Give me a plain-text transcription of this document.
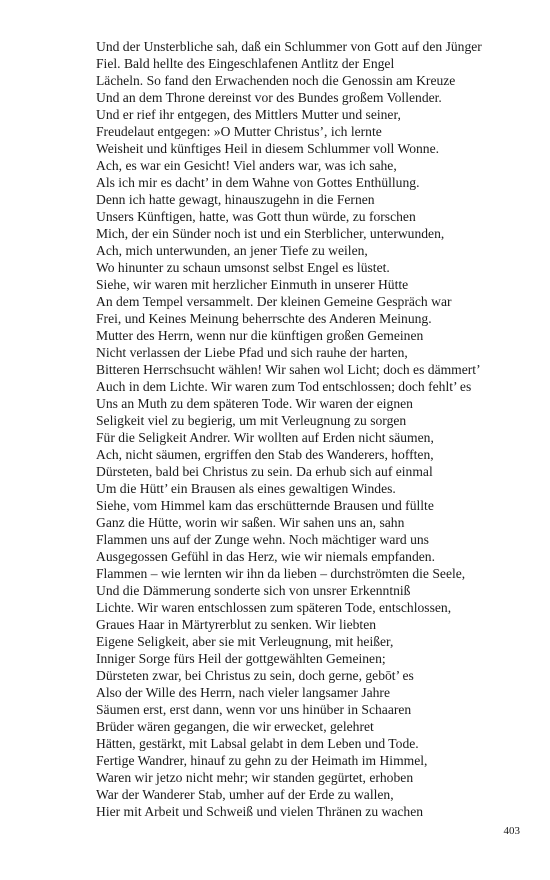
Und der Unsterbliche sah, daß ein Schlummer von Gott auf den Jünger
Fiel. Bald hellte des Eingeschlafenen Antlitz der Engel
Lächeln. So fand den Erwachenden noch die Genossin am Kreuze
Und an dem Throne dereinst vor des Bundes großem Vollender.
Und er rief ihr entgegen, des Mittlers Mutter und seiner,
Freudelaut entgegen: »O Mutter Christus’, ich lernte
Weisheit und künftiges Heil in diesem Schlummer voll Wonne.
Ach, es war ein Gesicht! Viel anders war, was ich sahe,
Als ich mir es dacht’ in dem Wahne von Gottes Enthüllung.
Denn ich hatte gewagt, hinauszugehn in die Fernen
Unsers Künftigen, hatte, was Gott thun würde, zu forschen
Mich, der ein Sünder noch ist und ein Sterblicher, unterwunden,
Ach, mich unterwunden, an jener Tiefe zu weilen,
Wo hinunter zu schaun umsonst selbst Engel es lüstet.
Siehe, wir waren mit herzlicher Einmuth in unserer Hütte
An dem Tempel versammelt. Der kleinen Gemeine Gespräch war
Frei, und Keines Meinung beherrschte des Anderen Meinung.
Mutter des Herrn, wenn nur die künftigen großen Gemeinen
Nicht verlassen der Liebe Pfad und sich rauhe der harten,
Bitteren Herrschsucht wählen! Wir sahen wol Licht; doch es dämmert’
Auch in dem Lichte. Wir waren zum Tod entschlossen; doch fehlt’ es
Uns an Muth zu dem späteren Tode. Wir waren der eignen
Seligkeit viel zu begierig, um mit Verleugnung zu sorgen
Für die Seligkeit Andrer. Wir wollten auf Erden nicht säumen,
Ach, nicht säumen, ergriffen den Stab des Wanderers, hofften,
Dürsteten, bald bei Christus zu sein. Da erhub sich auf einmal
Um die Hütt’ ein Brausen als eines gewaltigen Windes.
Siehe, vom Himmel kam das erschütternde Brausen und füllte
Ganz die Hütte, worin wir saßen. Wir sahen uns an, sahn
Flammen uns auf der Zunge wehn. Noch mächtiger ward uns
Ausgegossen Gefühl in das Herz, wie wir niemals empfanden.
Flammen – wie lernten wir ihn da lieben – durchströmten die Seele,
Und die Dämmerung sonderte sich von unsrer Erkenntniß
Lichte. Wir waren entschlossen zum späteren Tode, entschlossen,
Graues Haar in Märtyrerblut zu senken. Wir liebten
Eigene Seligkeit, aber sie mit Verleugnung, mit heißer,
Inniger Sorge fürs Heil der gottgewählten Gemeinen;
Dürsteten zwar, bei Christus zu sein, doch gerne, gebōt’ es
Also der Wille des Herrn, nach vieler langsamer Jahre
Säumen erst, erst dann, wenn vor uns hinüber in Schaaren
Brüder wären gegangen, die wir erwecket, gelehret
Hätten, gestärkt, mit Labsal gelabt in dem Leben und Tode.
Fertige Wandrer, hinauf zu gehn zu der Heimath im Himmel,
Waren wir jetzo nicht mehr; wir standen gegürtet, erhoben
War der Wanderer Stab, umher auf der Erde zu wallen,
Hier mit Arbeit und Schweiß und vielen Thränen zu wachen
403
